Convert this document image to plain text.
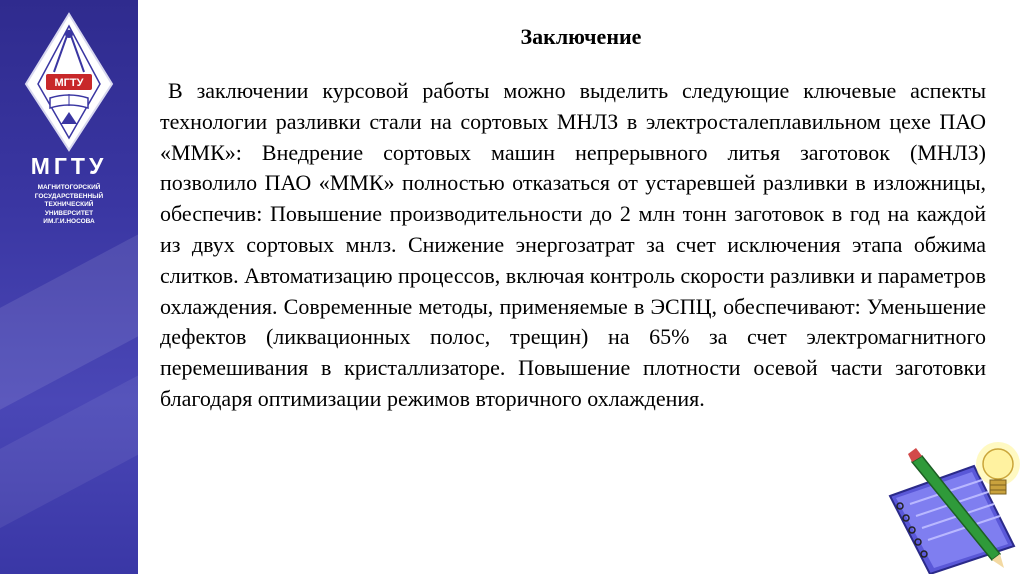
МГТУ
МГТУ
МАГНИТОГОРСКИЙ
ГОСУДАРСТВЕННЫЙ
ТЕХНИЧЕСКИЙ
УНИВЕРСИТЕТ
ИМ.Г.И.НОСОВА
Заключение
В заключении курсовой работы можно выделить следующие ключевые аспекты технологии разливки стали на сортовых МНЛЗ в электросталеплавильном цехе ПАО «ММК»: Внедрение сортовых машин непрерывного литья заготовок (МНЛЗ) позволило ПАО «ММК» полностью отказаться от устаревшей разливки в изложницы, обеспечив: Повышение производительности до 2 млн тонн заготовок в год на каждой из двух сортовых мнлз. Снижение энергозатрат за счет исключения этапа обжима слитков. Автоматизацию процессов, включая контроль скорости разливки и параметров охлаждения. Современные методы, применяемые в ЭСПЦ, обеспечивают: Уменьшение дефектов (ликвационных полос, трещин) на 65% за счет электромагнитного перемешивания в кристаллизаторе. Повышение плотности осевой части заготовки благодаря оптимизации режимов вторичного охлаждения.
